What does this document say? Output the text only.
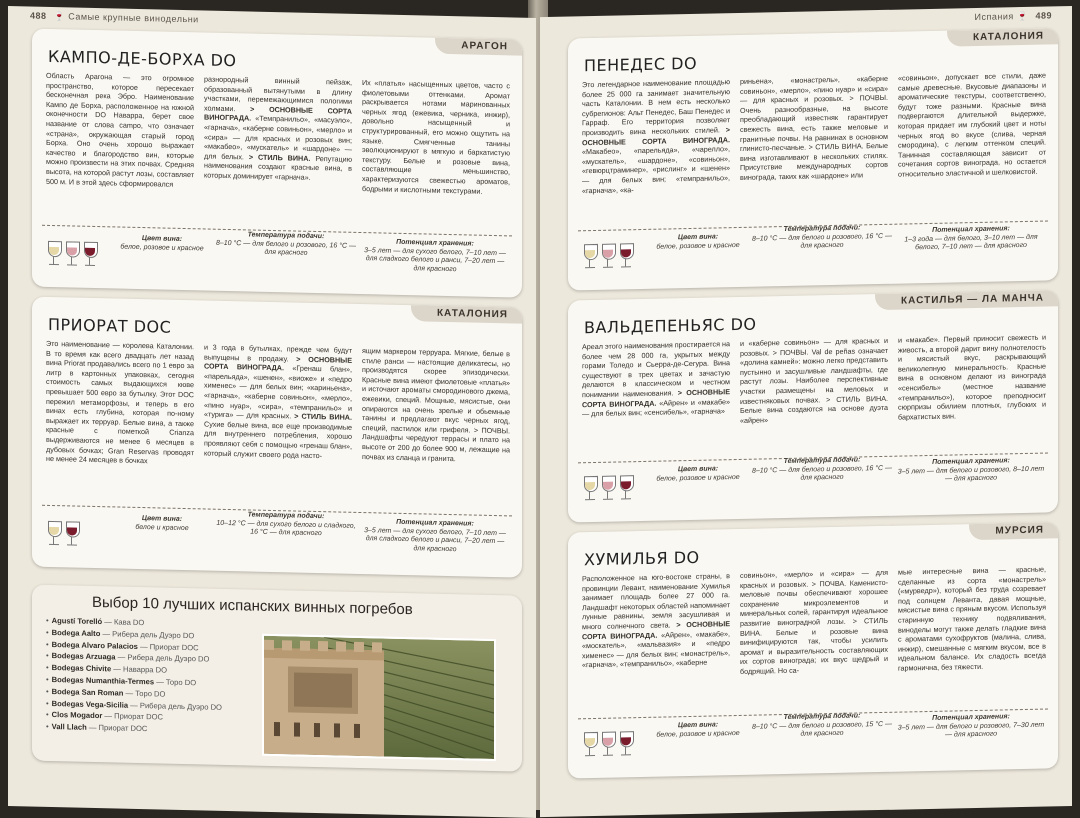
488 🍷 Самые крупные винодельни
АРАГОН
КАМПО-ДЕ-БОРХА DO
Область Арагона — это огромное пространство, которое пересекает бесконечная река Эбро. Наименование Кампо де Борха, расположенное на южной оконечности DO Наварра, берет свое название от слова campo, что означает «страна», окружающая старый город Борха. Оно очень хорошо выражает качество и благородство вин, которые можно произвести на этих почвах. Средняя высота, на которой растут лозы, составляет 500 м. И в этой здесь сформировался
разнородный винный пейзаж, образованный вытянутыми в длину участками, перемежающимися пологими холмами. > ОСНОВНЫЕ СОРТА ВИНОГРАДА. «Темпранильо», «масуэло», «гарнача», «каберне совиньон», «мерло» и «сира» — для красных и розовых вин; «макабео», «мускатель» и «шардоне» — для белых. > СТИЛЬ ВИНА. Репутацию наименования создают красные вина, в которых доминирует «гарнача».
Их «платья» насыщенных цветов, часто с фиолетовыми оттенками. Аромат раскрывается нотами маринованных черных ягод (ежевика, черника, инжир), довольно насыщенный и структурированный, его можно ощутить на языке. Смягченные танины эволюционируют в мягкую и бархатистую текстуру. Белые и розовые вина, составляющие меньшинство, характеризуются свежестью ароматов, бодрыми и кислотными текстурами.
Цвет вина:
белое, розовое и красное
Температура подачи:
8–10 °С — для белого и розового, 16 °С — для красного
Потенциал хранения:
3–5 лет — для сухого белого, 7–10 лет — для сладкого белого и ранси, 7–20 лет — для красного
КАТАЛОНИЯ
ПРИОРАТ DOC
Это наименование — королева Каталонии. В то время как всего двадцать лет назад вина Priorat продавались всего по 1 евро за литр в картонных упаковках, сегодня стоимость самых выдающихся кюве превышает 500 евро за бутылку. Этот DOC пережил метаморфозы, и теперь в его винах есть глубина, которая по-ному выражает их терруар. Белые вина, а также красные с пометкой Crianza выдерживаются не менее 6 месяцев в дубовых бочках; Gran Reservas проводят не менее 24 месяцев в бочках
и 3 года в бутылках, прежде чем будут выпущены в продажу. > ОСНОВНЫЕ СОРТА ВИНОГРАДА. «Гренаш блан», «парельяда», «шенен», «виоже» и «педро хименес» — для белых вин; «кариньена», «гарнача», «каберне совиньон», «мерло», «пино нуар», «сира», «темпранильо» и «турига» — для красных. > СТИЛЬ ВИНА. Сухие белые вина, все еще производимые для внутреннего потребления, хорошо проявляют себя с помощью «гренаш блан», который служит своего рода насто-
ящим маркером терруара. Мягкие, белые в стиле ранси — настоящие деликатесы, но производятся скорее эпизодически. Красные вина имеют фиолетовые «платья» и источают ароматы смородинового джема, ежевики, специй. Мощные, мясистые, они опираются на очень зрелые и обьемные танины и предлагают вкус черных ягод, специй, пастилок или грифеля. > ПОЧВЫ. Ландшафты чередуют террасы и плато на высоте от 200 до более 900 м, лежащие на почвах из сланца и гранита.
Цвет вина:
белое и красное
Температура подачи:
10–12 °С — для сухого белого и сладкого, 16 °С — для красного
Потенциал хранения:
3–5 лет — для сухого белого, 7–10 лет — для сладкого белого и ранси, 7–20 лет — для красного
Выбор 10 лучших испанских винных погребов
• Agustí Torelló — Кава DO
• Bodega Aalto — Рибера дель Дуэро DO
• Bodega Alvaro Palacios — Приорат DOC
• Bodegas Arzuaga — Рибера дель Дуэро DO
• Bodegas Chivite — Наварра DO
• Bodegas Numanthia-Termes — Торо DO
• Bodega San Roman — Торо DO
• Bodegas Vega-Sicilia — Рибера дель Дуэро DO
• Clos Mogador — Приорат DOC
• Vall Llach — Приорат DOC
Испания 🍷 489
КАТАЛОНИЯ
ПЕНЕДЕС DO
Это легендарное наименование площадью более 25 000 га занимает значительную часть Каталонии. В нем есть несколько субрегионов: Альт Пенедес, Баш Пенедес и Гарраф. Его территория позволяет производить вина нескольких стилей. > ОСНОВНЫЕ СОРТА ВИНОГРАДА. «Макабео», «парельяда», «чарелло», «мускатель», «шардоне», «совиньон», «гевюрцтраминер», «рислинг» и «шенен» — для белых вин; «темпранильо», «гарнача», «ка-
риньена», «монастрель», «каберне совиньон», «мерло», «пино нуар» и «сира» — для красных и розовых. > ПОЧВЫ. Очень разнообразные, на высоте преобладающий известняк гарантирует свежесть вина, есть также меловые и гранитные почвы. На равнинах в основном глинисто-песчаные. > СТИЛЬ ВИНА. Белые вина изготавливают в нескольких стилях. Присутствие международных сортов винограда, таких как «шардоне» или
«совиньон», допускает все стили, даже самые древесные. Вкусовые диапазоны и ароматические текстуры, соответственно, будут тоже разными. Красные вина подвергаются длительной выдержке, которая придает им глубокий цвет и ноты черных ягод во вкусе (слива, черная смородина), с легким оттенком специй. Танинная составляющая зависит от сочетания сортов винограда, но остается относительно эластичной и шелковистой.
Цвет вина:
белое, розовое и красное
Температура подачи:
8–10 °С — для белого и розового, 16 °С — для красного
Потенциал хранения:
1–3 года — для белого, 3–10 лет — для белого, 7–10 лет — для красного
КАСТИЛЬЯ — ЛА МАНЧА
ВАЛЬДЕПЕНЬЯС DO
Ареал этого наименования простирается на более чем 28 000 га, укрытых между горами Толедо и Сьерра-де-Сегура. Вина существуют в трех цветах и зачастую делаются в классическом и честном понимании наименования. > ОСНОВНЫЕ СОРТА ВИНОГРАДА. «Айрен» и «макабе» — для белых вин; «сенсибель», «гарнача»
и «каберне совиньон» — для красных и розовых. > ПОЧВЫ. Val de peñas означает «долина камней»: можно легко представить пустынно и засушливые ландшафты, где растут лозы. Наиболее перспективные участки размещены на меловых и известняковых почвах. > СТИЛЬ ВИНА. Белые вина создаются на основе дуэта «айрен»
и «макабе». Первый приносит свежесть и живость, а второй дарит вину полнотелость и мясистый вкус, раскрывающий великолепную минеральность. Красные вина в основном делают из винограда «сенсибель» (местное название «темпранильо»), которое преподносит сюрпризы обилием плотных, глубоких и бархатистых вин.
Цвет вина:
белое, розовое и красное
Температура подачи:
8–10 °С — для белого и розового, 16 °С — для красного
Потенциал хранения:
3–5 лет — для белого и розового, 8–10 лет — для красного
МУРСИЯ
ХУМИЛЬЯ DO
Расположенное на юго-востоке страны, в провинции Левант, наименование Хумилья занимает площадь более 27 000 га. Ландшафт некоторых областей напоминает лунные равнины, земля засушливая и много солнечного света. > ОСНОВНЫЕ СОРТА ВИНОГРАДА. «Айрен», «макабе», «москатель», «мальвазия» и «педро хименес» — для белых вин; «монастрель», «гарнача», «темпранильо», «каберне
совиньон», «мерло» и «сира» — для красных и розовых. > ПОЧВА. Каменисто-меловые почвы обеспечивают хорошее сохранение микроэлементов и минеральных солей, гарантируя идеальное развитие виноградной лозы. > СТИЛЬ ВИНА. Белые и розовые вина винифицируются так, чтобы усилить аромат и выразительность составляющих их сортов винограда; их вкус щедрый и бодрящий. Но са-
мые интересные вина — красные, сделанные из сорта «монастрель» («мурведр»), который без труда созревает под солнцем Леванта, давая мощные, мясистые вина с пряным вкусом. Используя старинную технику подвяливания, виноделы могут также делать гладкие вина с ароматами сухофруктов (малина, слива, инжир), смешанные с мягким вкусом, все в идеальном балансе. Их сладость всегда гармонична, без тяжести.
Цвет вина:
белое, розовое и красное
Температура подачи:
8–10 °С — для белого и розового, 15 °С — для красного
Потенциал хранения:
3–5 лет — для белого и розового, 7–30 лет — для красного
